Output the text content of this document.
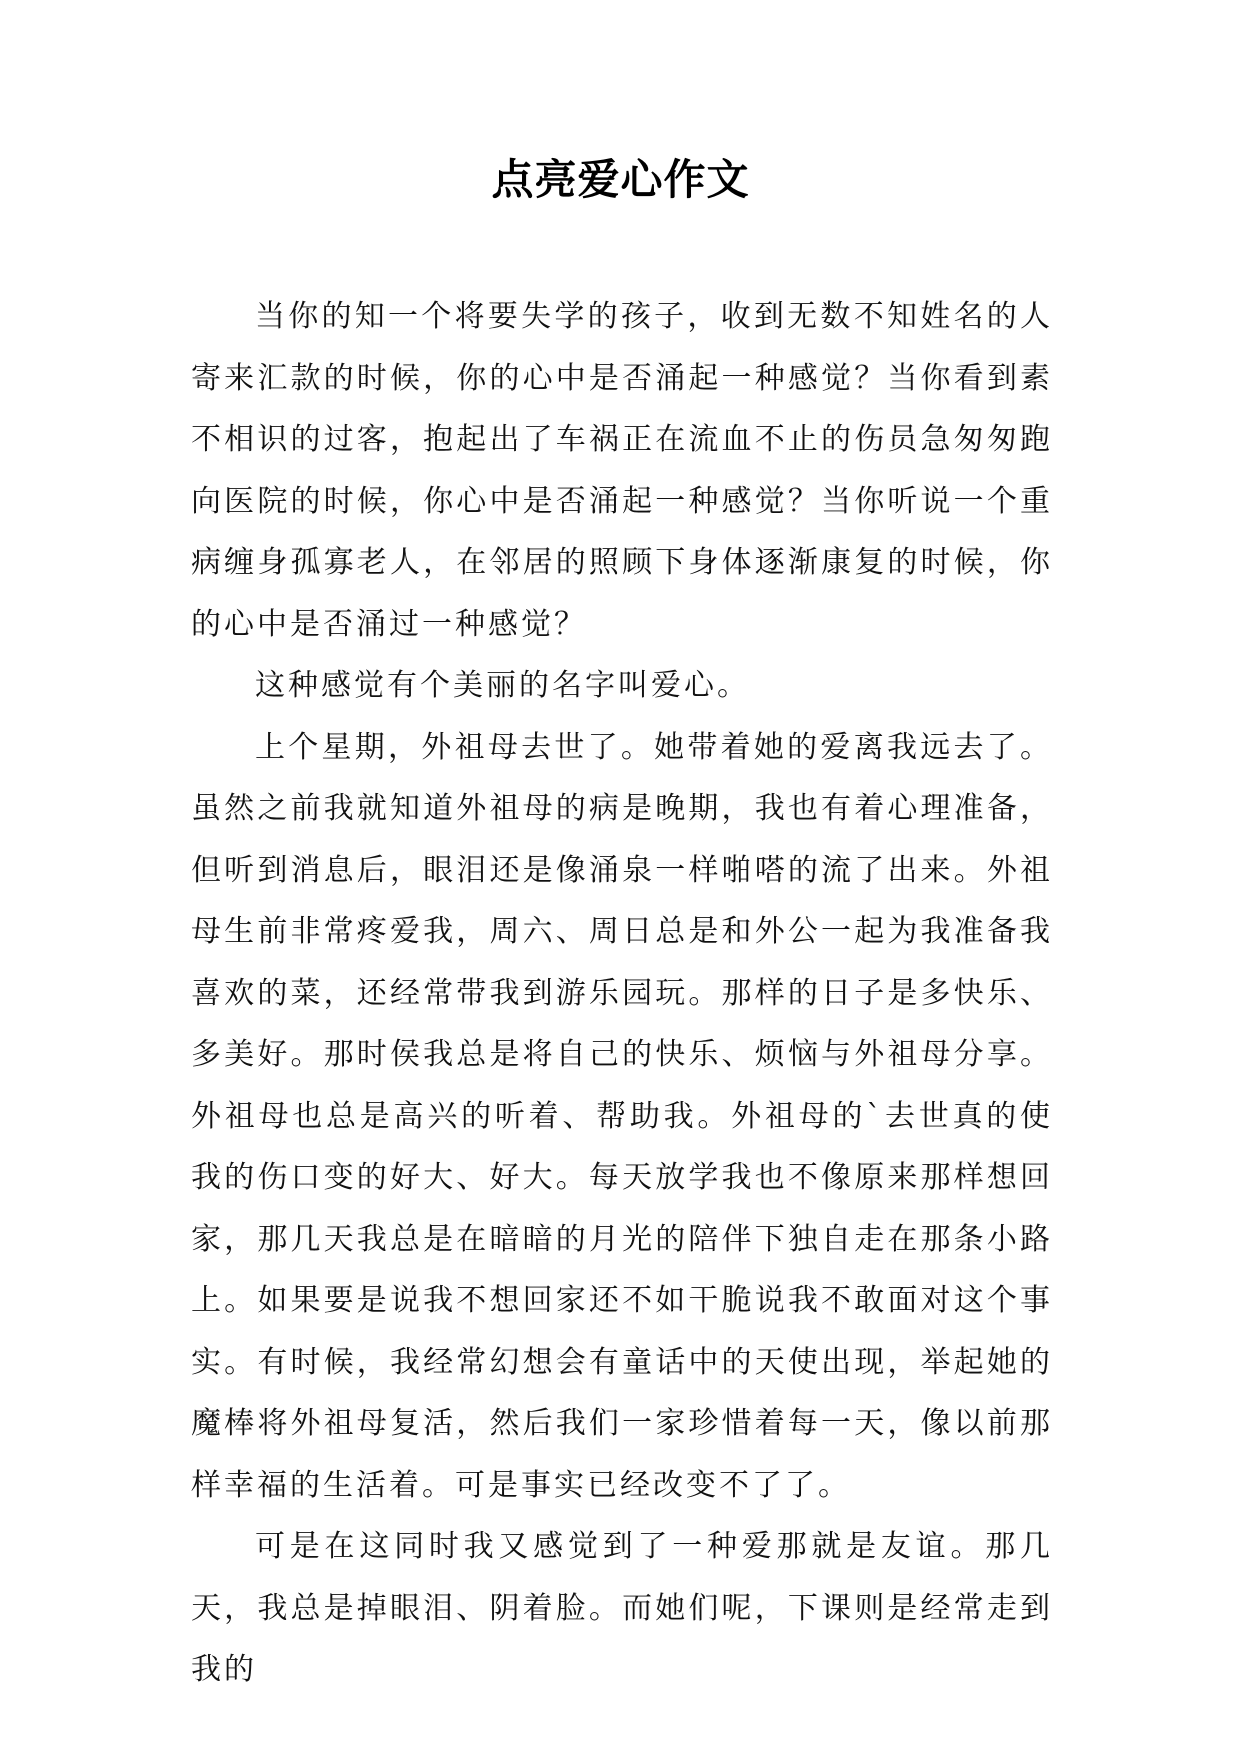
点亮爱心作文

当你的知一个将要失学的孩子，收到无数不知姓名的人寄来汇款的时候，你的心中是否涌起一种感觉？当你看到素不相识的过客，抱起出了车祸正在流血不止的伤员急匆匆跑向医院的时候，你心中是否涌起一种感觉？当你听说一个重病缠身孤寡老人，在邻居的照顾下身体逐渐康复的时候，你的心中是否涌过一种感觉？

这种感觉有个美丽的名字叫爱心。

上个星期，外祖母去世了。她带着她的爱离我远去了。虽然之前我就知道外祖母的病是晚期，我也有着心理准备，但听到消息后，眼泪还是像涌泉一样啪嗒的流了出来。外祖母生前非常疼爱我，周六、周日总是和外公一起为我准备我喜欢的菜，还经常带我到游乐园玩。那样的日子是多快乐、多美好。那时侯我总是将自己的快乐、烦恼与外祖母分享。外祖母也总是高兴的听着、帮助我。外祖母的`去世真的使我的伤口变的好大、好大。每天放学我也不像原来那样想回家，那几天我总是在暗暗的月光的陪伴下独自走在那条小路上。如果要是说我不想回家还不如干脆说我不敢面对这个事实。有时候，我经常幻想会有童话中的天使出现，举起她的魔棒将外祖母复活，然后我们一家珍惜着每一天，像以前那样幸福的生活着。可是事实已经改变不了了。

可是在这同时我又感觉到了一种爱那就是友谊。那几天，我总是掉眼泪、阴着脸。而她们呢，下课则是经常走到我的
